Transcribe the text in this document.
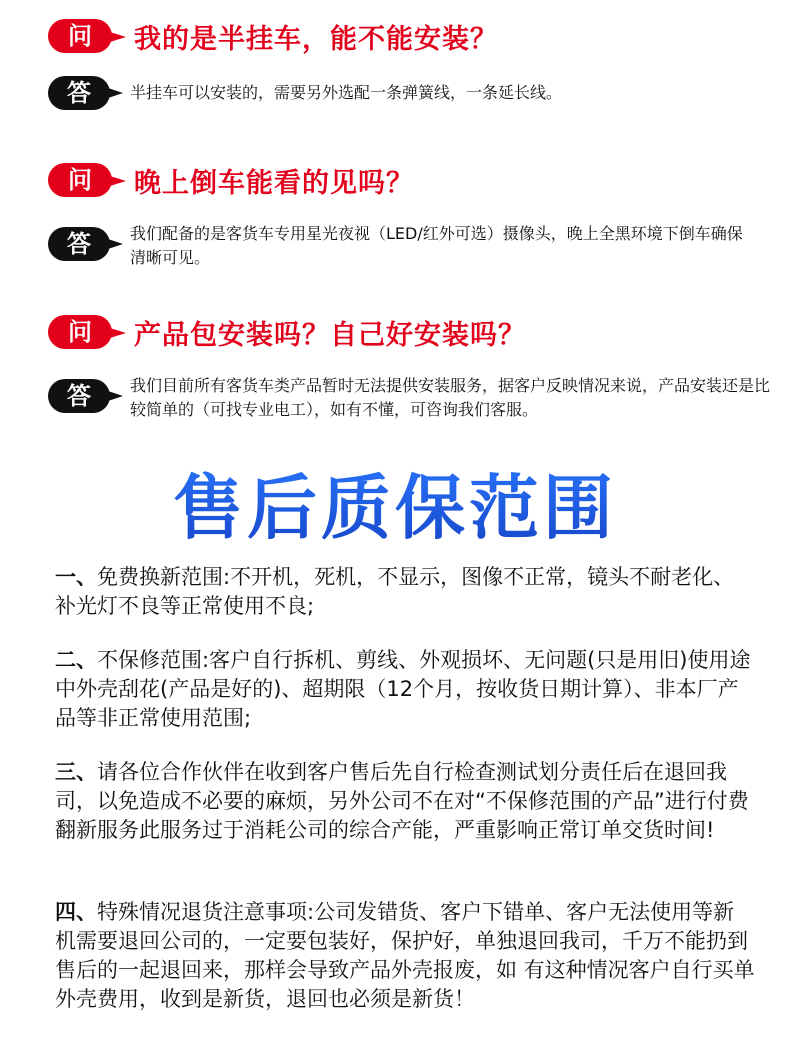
问 我的是半挂车，能不能安装？
答 半挂车可以安装的，需要另外选配一条弹簧线，一条延长线。
问 晚上倒车能看的见吗？
答 我们配备的是客货车专用星光夜视（LED/红外可选）摄像头，晚上全黑环境下倒车确保清晰可见。
问 产品包安装吗？自己好安装吗？
答 我们目前所有客货车类产品暂时无法提供安装服务，据客户反映情况来说，产品安装还是比较简单的（可找专业电工），如有不懂，可咨询我们客服。
售后质保范围
一、免费换新范围:不开机，死机，不显示，图像不正常，镜头不耐老化、补光灯不良等正常使用不良;
二、不保修范围:客户自行拆机、剪线、外观损坏、无问题(只是用旧)使用途中外壳刮花(产品是好的)、超期限（12个月，按收货日期计算）、非本厂产品等非正常使用范围;
三、请各位合作伙伴在收到客户售后先自行检查测试划分责任后在退回我司，以免造成不必要的麻烦，另外公司不在对“不保修范围的产品”进行付费翻新服务此服务过于消耗公司的综合产能，严重影响正常订单交货时间!
四、特殊情况退货注意事项:公司发错货、客户下错单、客户无法使用等新机需要退回公司的，一定要包装好，保护好，单独退回我司，千万不能扔到售后的一起退回来，那样会导致产品外壳报废，如 有这种情况客户自行买单外壳费用，收到是新货，退回也必须是新货！
